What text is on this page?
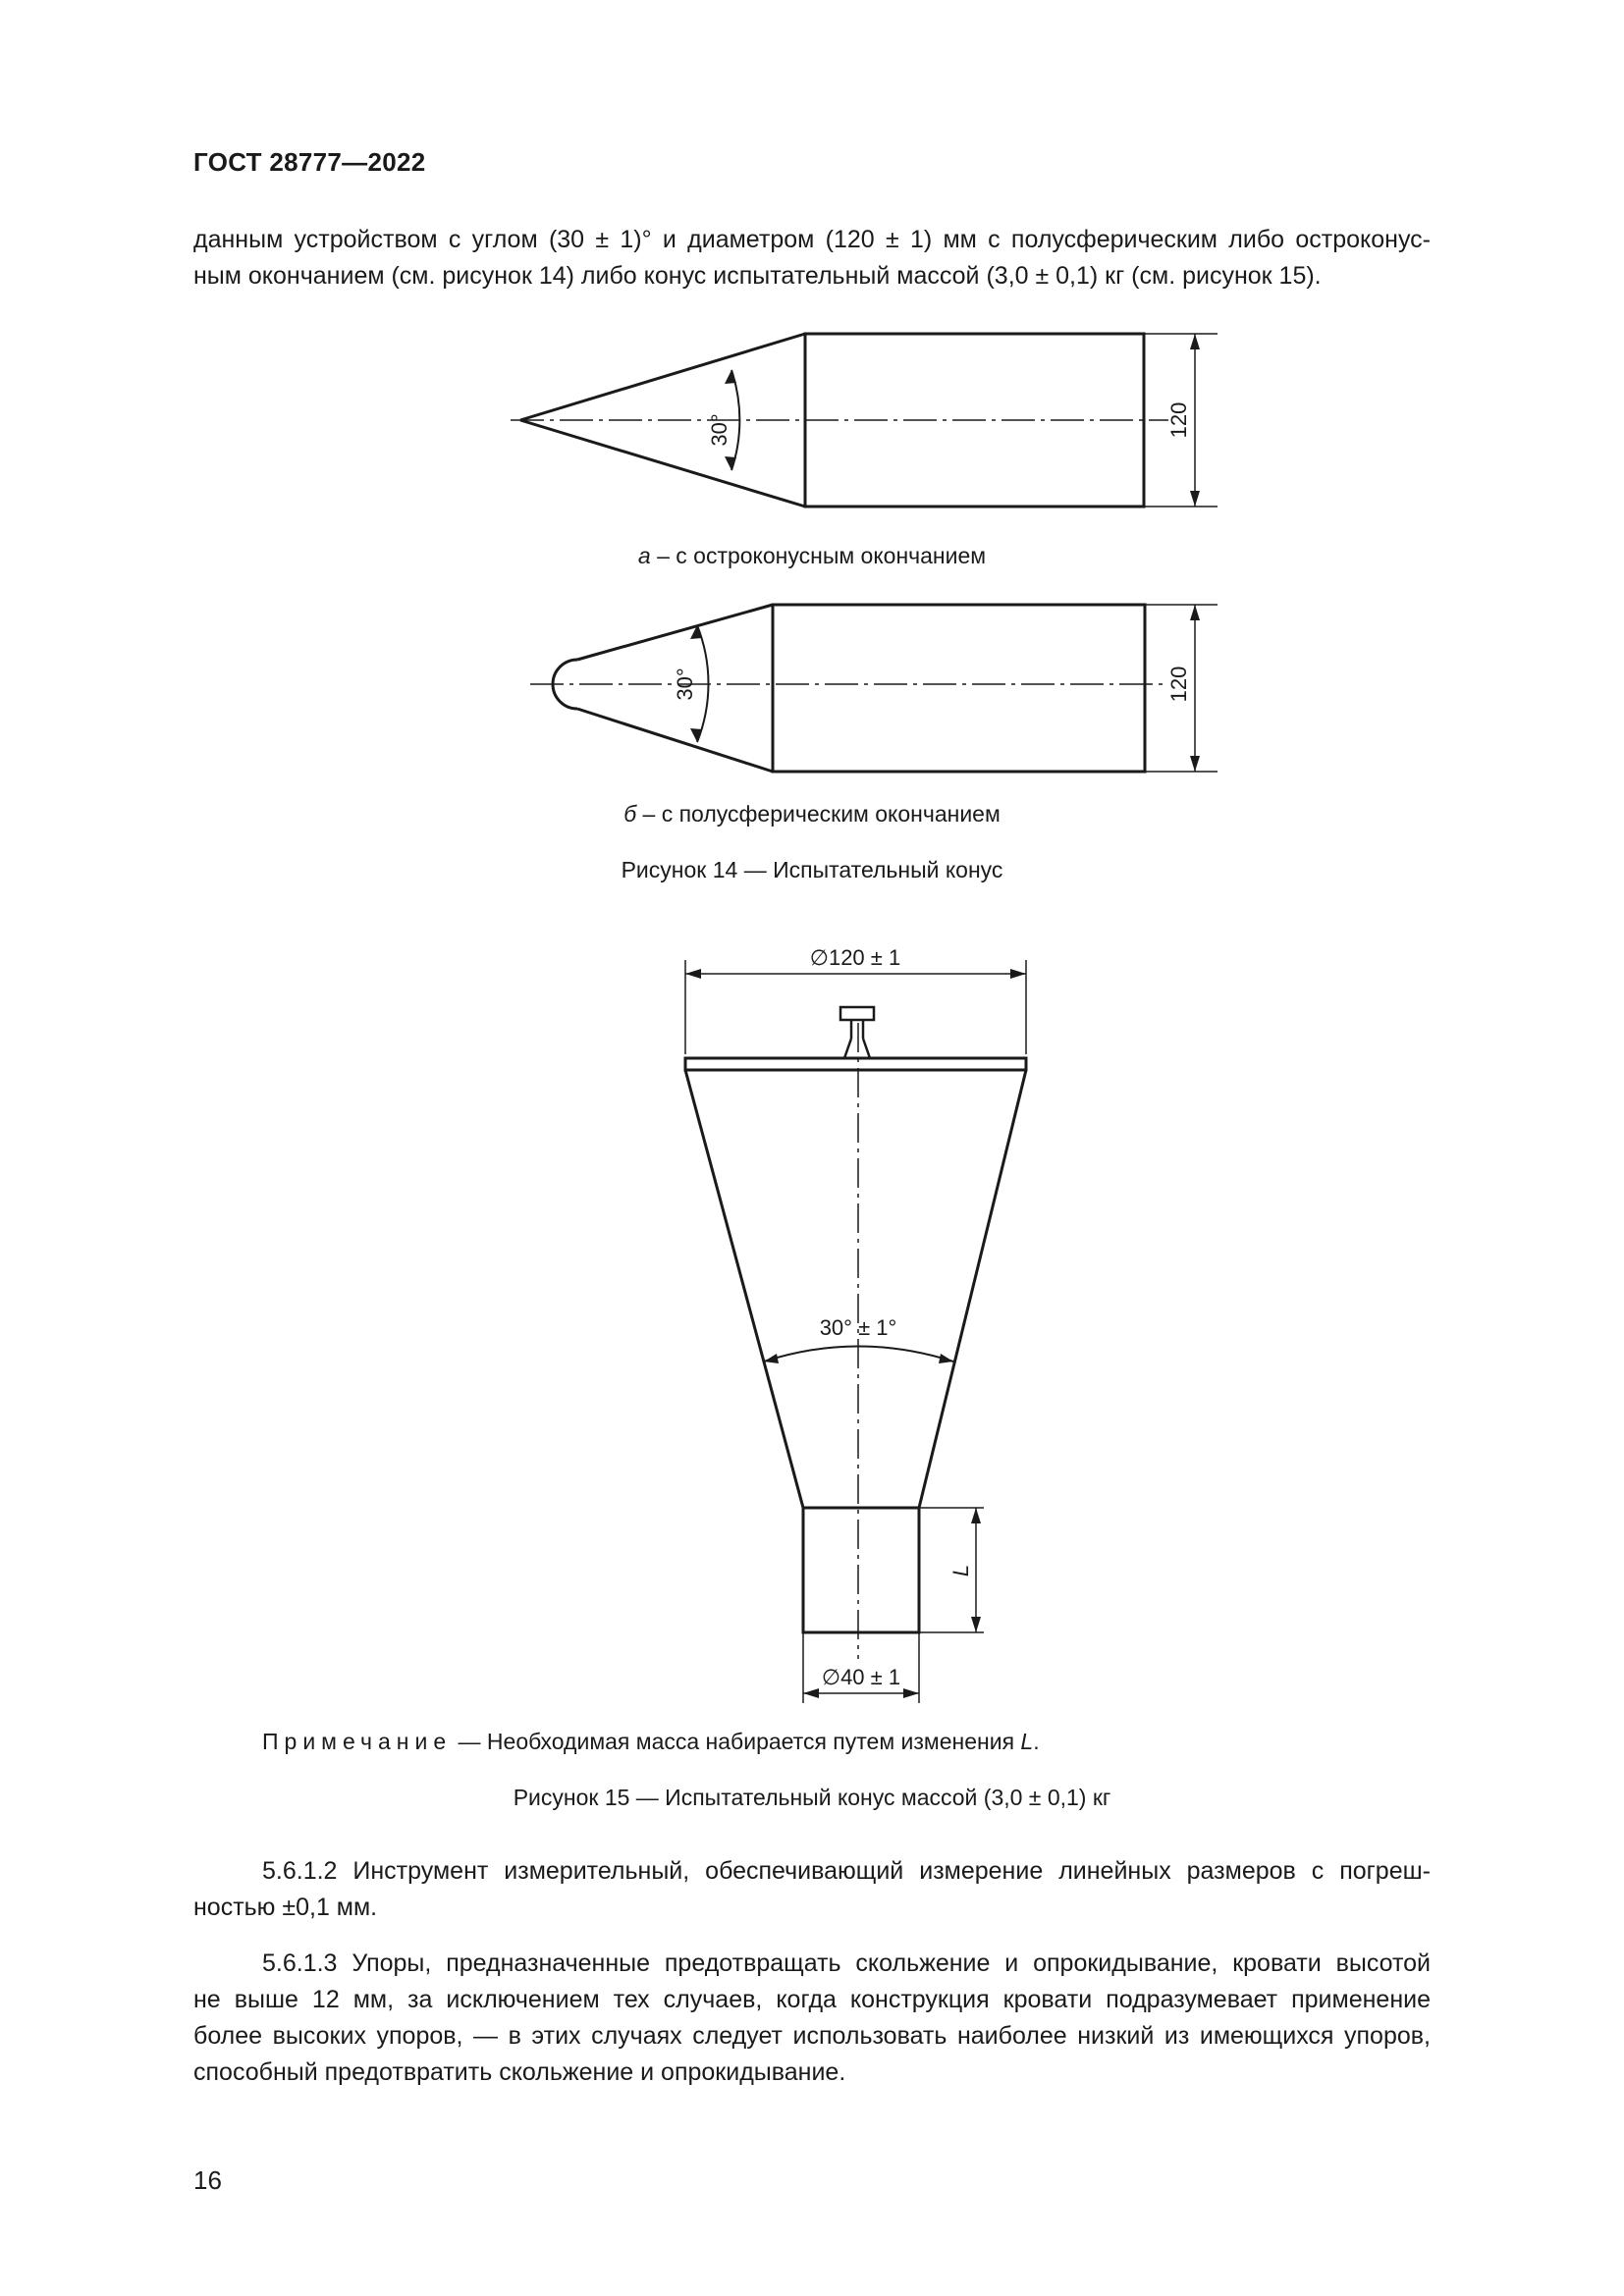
ГОСТ 28777—2022
данным устройством с углом (30 ± 1)° и диаметром (120 ± 1) мм с полусферическим либо остроконус-
ным окончанием (см. рисунок 14) либо конус испытательный массой (3,0 ± 0,1) кг (см. рисунок 15).
30°	120
а – с остроконусным окончанием
30°	120
б – с полусферическим окончанием
Рисунок 14 — Испытательный конус
∅120 ± 1
30° ± 1°
L
∅40 ± 1
Примечание — Необходимая масса набирается путем изменения L.
Рисунок 15 — Испытательный конус массой (3,0 ± 0,1) кг
5.6.1.2 Инструмент измерительный, обеспечивающий измерение линейных размеров с погреш-
ностью ±0,1 мм.
5.6.1.3 Упоры, предназначенные предотвращать скольжение и опрокидывание, кровати высотой
не выше 12 мм, за исключением тех случаев, когда конструкция кровати подразумевает применение
более высоких упоров, — в этих случаях следует использовать наиболее низкий из имеющихся упоров,
способный предотвратить скольжение и опрокидывание.
16
